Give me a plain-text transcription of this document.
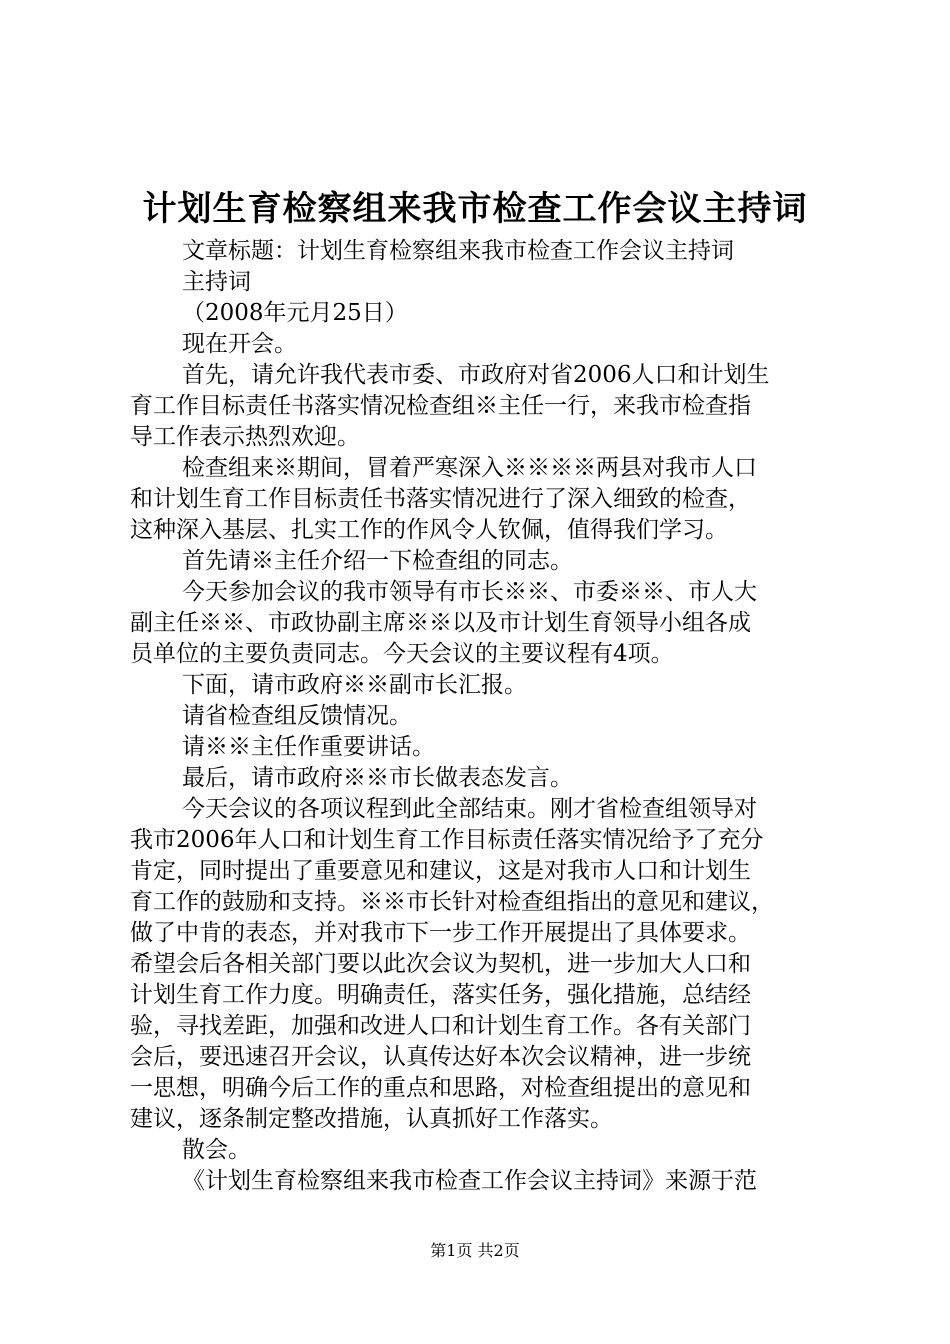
计划生育检察组来我市检查工作会议主持词
文章标题：计划生育检察组来我市检查工作会议主持词
主持词
（2008年元月25日）
现在开会。
首先，请允许我代表市委、市政府对省2006人口和计划生
育工作目标责任书落实情况检查组※主任一行，来我市检查指
导工作表示热烈欢迎。
检查组来※期间，冒着严寒深入※※※※两县对我市人口
和计划生育工作目标责任书落实情况进行了深入细致的检查，
这种深入基层、扎实工作的作风令人钦佩，值得我们学习。
首先请※主任介绍一下检查组的同志。
今天参加会议的我市领导有市长※※、市委※※、市人大
副主任※※、市政协副主席※※以及市计划生育领导小组各成
员单位的主要负责同志。今天会议的主要议程有4项。
下面，请市政府※※副市长汇报。
请省检查组反馈情况。
请※※主任作重要讲话。
最后，请市政府※※市长做表态发言。
今天会议的各项议程到此全部结束。刚才省检查组领导对
我市2006年人口和计划生育工作目标责任落实情况给予了充分
肯定，同时提出了重要意见和建议，这是对我市人口和计划生
育工作的鼓励和支持。※※市长针对检查组指出的意见和建议，
做了中肯的表态，并对我市下一步工作开展提出了具体要求。
希望会后各相关部门要以此次会议为契机，进一步加大人口和
计划生育工作力度。明确责任，落实任务，强化措施，总结经
验，寻找差距，加强和改进人口和计划生育工作。各有关部门
会后，要迅速召开会议，认真传达好本次会议精神，进一步统
一思想，明确今后工作的重点和思路，对检查组提出的意见和
建议，逐条制定整改措施，认真抓好工作落实。
散会。
《计划生育检察组来我市检查工作会议主持词》来源于范
第1页 共2页
